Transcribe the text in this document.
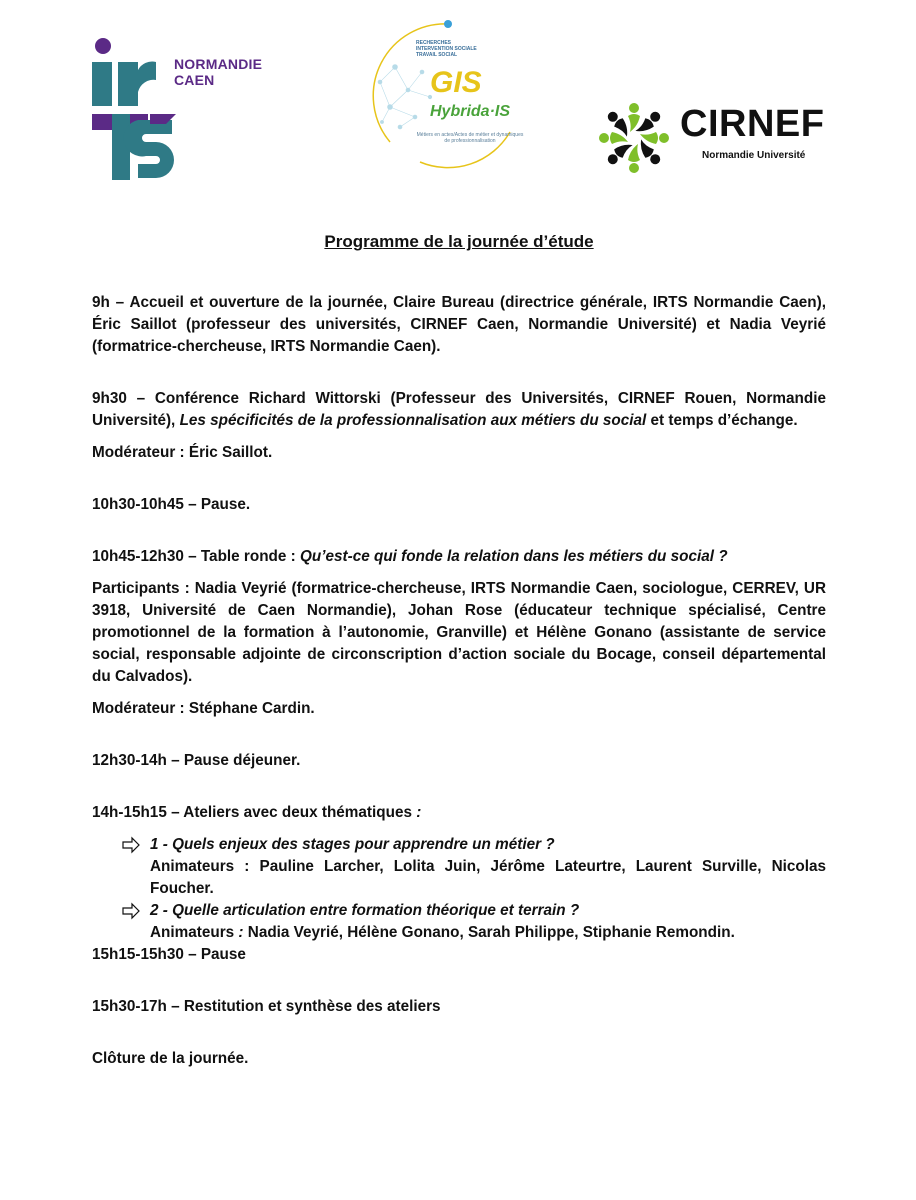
NORMANDIE
CAEN	GIS
Hybrida·IS
RECHERCHES INTERVENTION SOCIALE TRAVAIL SOCIAL
Métiers en actes/Actes de métier et dynamiques de professionnalisation	CIRNEF
Normandie Université
Programme de la journée d’étude

9h – Accueil et ouverture de la journée, Claire Bureau (directrice générale, IRTS Normandie Caen), Éric Saillot (professeur des universités, CIRNEF Caen, Normandie Université) et Nadia Veyrié (formatrice-chercheuse, IRTS Normandie Caen).

9h30 – Conférence Richard Wittorski (Professeur des Universités, CIRNEF Rouen, Normandie Université), Les spécificités de la professionnalisation aux métiers du social et temps d’échange.

Modérateur : Éric Saillot.

10h30-10h45 – Pause.

10h45-12h30 – Table ronde : Qu’est-ce qui fonde la relation dans les métiers du social ?

Participants : Nadia Veyrié (formatrice-chercheuse, IRTS Normandie Caen, sociologue, CERREV, UR 3918, Université de Caen Normandie), Johan Rose (éducateur technique spécialisé, Centre promotionnel de la formation à l’autonomie, Granville) et Hélène Gonano (assistante de service social, responsable adjointe de circonscription d’action sociale du Bocage, conseil départemental du Calvados).

Modérateur : Stéphane Cardin.

12h30-14h – Pause déjeuner.

14h-15h15 – Ateliers avec deux thématiques :

1 - Quels enjeux des stages pour apprendre un métier ?
Animateurs : Pauline Larcher, Lolita Juin, Jérôme Lateurtre, Laurent Surville, Nicolas Foucher.
2 - Quelle articulation entre formation théorique et terrain ?
Animateurs : Nadia Veyrié, Hélène Gonano, Sarah Philippe, Stiphanie Remondin.

15h15-15h30 – Pause

15h30-17h – Restitution et synthèse des ateliers

Clôture de la journée.
